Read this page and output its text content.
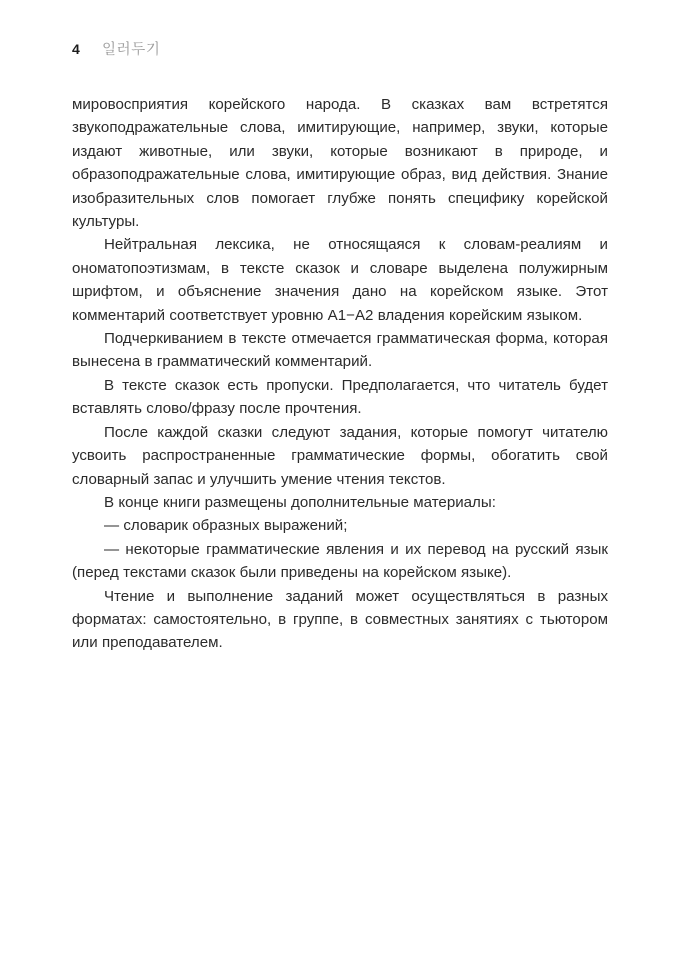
4 일러두기

мировосприятия корейского народа. В сказках вам встретятся звукоподражательные слова, имитирующие, например, звуки, которые издают животные, или звуки, которые возникают в природе, и образоподражательные слова, имитирующие образ, вид действия. Знание изобразительных слов помогает глубже понять специфику корейской культуры.

Нейтральная лексика, не относящаяся к словам-реалиям и ономатопоэтизмам, в тексте сказок и словаре выделена полужирным шрифтом, и объяснение значения дано на корейском языке. Этот комментарий соответствует уровню А1−А2 владения корейским языком.

Подчеркиванием в тексте отмечается грамматическая форма, которая вынесена в грамматический комментарий.

В тексте сказок есть пропуски. Предполагается, что читатель будет вставлять слово/фразу после прочтения.

После каждой сказки следуют задания, которые помогут читателю усвоить распространенные грамматические формы, обогатить свой словарный запас и улучшить умение чтения текстов.

В конце книги размещены дополнительные материалы:

— словарик образных выражений;

— некоторые грамматические явления и их перевод на русский язык (перед текстами сказок были приведены на корейском языке).

Чтение и выполнение заданий может осуществляться в разных форматах: самостоятельно, в группе, в совместных занятиях с тьютором или преподавателем.
